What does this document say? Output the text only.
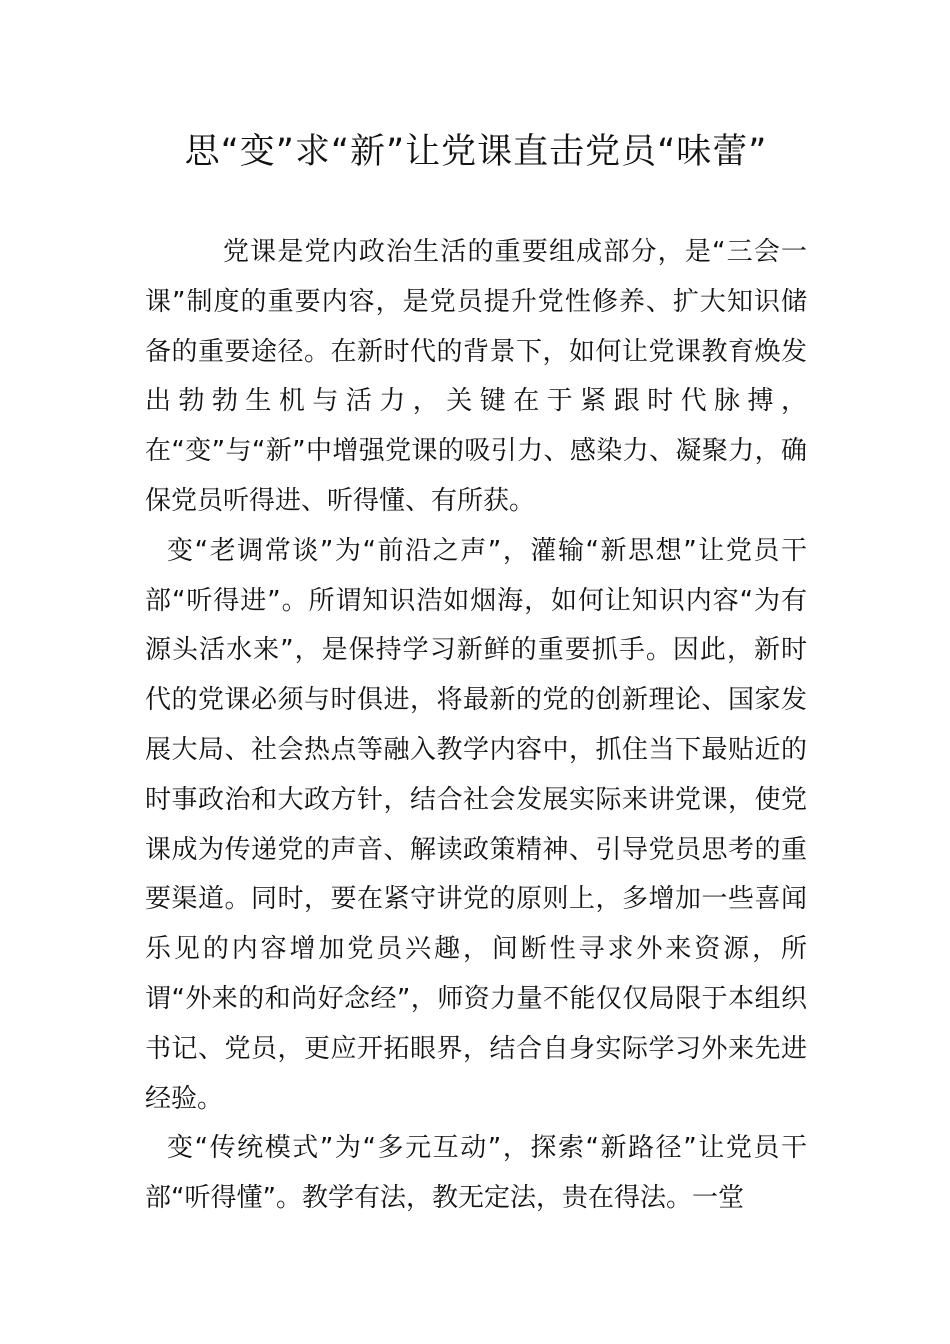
思“变”求“新”让党课直击党员“味蕾”

党课是党内政治生活的重要组成部分，是“三会一课”制度的重要内容，是党员提升党性修养、扩大知识储备的重要途径。在新时代的背景下，如何让党课教育焕发出勃勃生机与活力，关键在于紧跟时代脉搏，在“变”与“新”中增强党课的吸引力、感染力、凝聚力，确保党员听得进、听得懂、有所获。

变“老调常谈”为“前沿之声”，灌输“新思想”让党员干部“听得进”。所谓知识浩如烟海，如何让知识内容“为有源头活水来”，是保持学习新鲜的重要抓手。因此，新时代的党课必须与时俱进，将最新的党的创新理论、国家发展大局、社会热点等融入教学内容中，抓住当下最贴近的时事政治和大政方针，结合社会发展实际来讲党课，使党课成为传递党的声音、解读政策精神、引导党员思考的重要渠道。同时，要在紧守讲党的原则上，多增加一些喜闻乐见的内容增加党员兴趣，间断性寻求外来资源，所谓“外来的和尚好念经”，师资力量不能仅仅局限于本组织书记、党员，更应开拓眼界，结合自身实际学习外来先进经验。

变“传统模式”为“多元互动”，探索“新路径”让党员干部“听得懂”。教学有法，教无定法，贵在得法。一堂
